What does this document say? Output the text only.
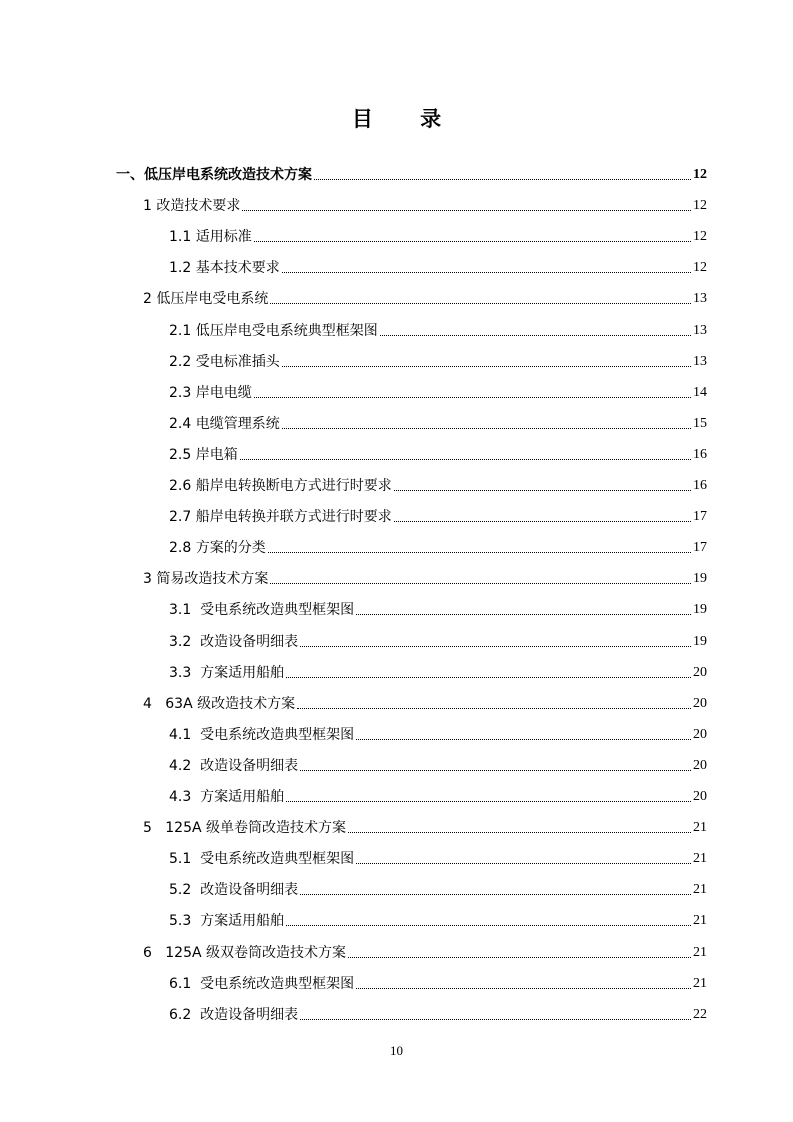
目 录
一、低压岸电系统改造技术方案	12
1 改造技术要求	12
1.1 适用标准	12
1.2 基本技术要求	12
2 低压岸电受电系统	13
2.1 低压岸电受电系统典型框架图	13
2.2 受电标准插头	13
2.3 岸电电缆	14
2.4 电缆管理系统	15
2.5 岸电箱	16
2.6 船岸电转换断电方式进行时要求	16
2.7 船岸电转换并联方式进行时要求	17
2.8 方案的分类	17
3 简易改造技术方案	19
3.1  受电系统改造典型框架图	19
3.2  改造设备明细表	19
3.3  方案适用船舶	20
4   63A 级改造技术方案	20
4.1  受电系统改造典型框架图	20
4.2  改造设备明细表	20
4.3  方案适用船舶	20
5   125A 级单卷筒改造技术方案	21
5.1  受电系统改造典型框架图	21
5.2  改造设备明细表	21
5.3  方案适用船舶	21
6   125A 级双卷筒改造技术方案	21
6.1  受电系统改造典型框架图	21
6.2  改造设备明细表	22
10
